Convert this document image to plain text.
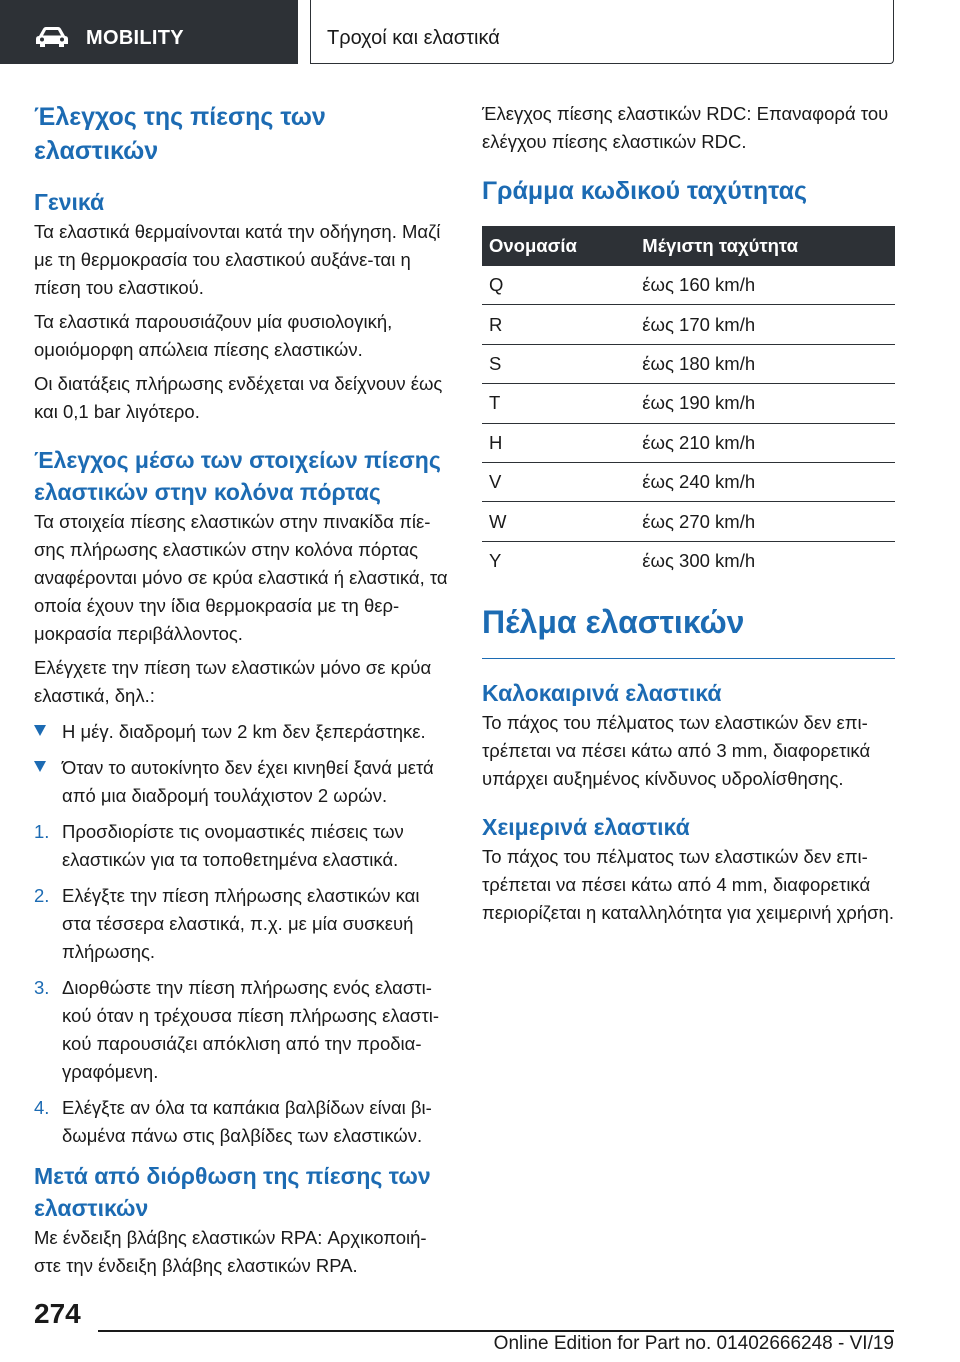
MOBILITY	Τροχοί και ελαστικά
Έλεγχος της πίεσης των ελαστικών
Γενικά

Τα ελαστικά θερμαίνονται κατά την οδήγηση. Μαζί με τη θερμοκρασία του ελαστικού αυξάνε-ται η πίεση του ελαστικού.

Τα ελαστικά παρουσιάζουν μία φυσιολογική, ομοιόμορφη απώλεια πίεσης ελαστικών.

Οι διατάξεις πλήρωσης ενδέχεται να δείχνουν έως και 0,1 bar λιγότερο.

Έλεγχος μέσω των στοιχείων πίεσης ελαστικών στην κολόνα πόρτας

Τα στοιχεία πίεσης ελαστικών στην πινακίδα πίε-σης πλήρωσης ελαστικών στην κολόνα πόρτας αναφέρονται μόνο σε κρύα ελαστικά ή ελαστικά, τα οποία έχουν την ίδια θερμοκρασία με τη θερ-μοκρασία περιβάλλοντος.

Ελέγχετε την πίεση των ελαστικών μόνο σε κρύα ελαστικά, δηλ.:

Η μέγ. διαδρομή των 2 km δεν ξεπεράστηκε.
Όταν το αυτοκίνητο δεν έχει κινηθεί ξανά μετά από μια διαδρομή τουλάχιστον 2 ωρών.
1. Προσδιορίστε τις ονομαστικές πιέσεις των ελαστικών για τα τοποθετημένα ελαστικά.
2. Ελέγξτε την πίεση πλήρωσης ελαστικών και στα τέσσερα ελαστικά, π.χ. με μία συσκευή πλήρωσης.
3. Διορθώστε την πίεση πλήρωσης ενός ελαστι-κού όταν η τρέχουσα πίεση πλήρωσης ελαστι-κού παρουσιάζει απόκλιση από την προδια-γραφόμενη.
4. Ελέγξτε αν όλα τα καπάκια βαλβίδων είναι βι-δωμένα πάνω στις βαλβίδες των ελαστικών.
Μετά από διόρθωση της πίεσης των ελαστικών

Με ένδειξη βλάβης ελαστικών RPA: Αρχικοποιή-στε την ένδειξη βλάβης ελαστικών RPA.

Έλεγχος πίεσης ελαστικών RDC: Επαναφορά του ελέγχου πίεσης ελαστικών RDC.

Γράμμα κωδικού ταχύτητας
Ονομασία	Μέγιστη ταχύτητα
Q	έως 160 km/h
R	έως 170 km/h
S	έως 180 km/h
T	έως 190 km/h
H	έως 210 km/h
V	έως 240 km/h
W	έως 270 km/h
Y	έως 300 km/h
Πέλμα ελαστικών
Καλοκαιρινά ελαστικά

Το πάχος του πέλματος των ελαστικών δεν επι-τρέπεται να πέσει κάτω από 3 mm, διαφορετικά υπάρχει αυξημένος κίνδυνος υδρολίσθησης.

Χειμερινά ελαστικά

Το πάχος του πέλματος των ελαστικών δεν επι-τρέπεται να πέσει κάτω από 4 mm, διαφορετικά περιορίζεται η καταλληλότητα για χειμερινή χρήση.

274
Online Edition for Part no. 01402666248 - VI/19
